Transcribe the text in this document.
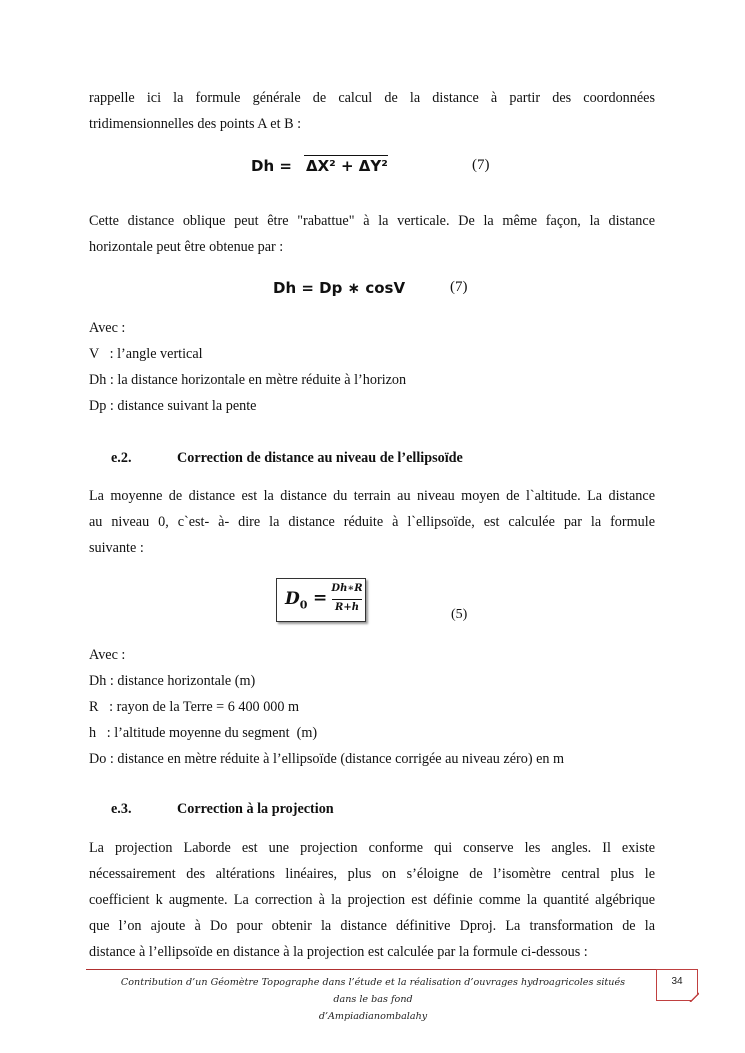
rappelle ici la formule générale de calcul de la distance à partir des coordonnées
tridimensionnelles des points A et B :
Dh = ΔX² + ΔY²	(7)
Cette distance oblique peut être "rabattue" à la verticale. De la même façon, la distance
horizontale peut être obtenue par :
Dh = Dp ∗ cosV	(7)
Avec :
V   : l’angle vertical
Dh : la distance horizontale en mètre réduite à l’horizon
Dp : distance suivant la pente
e.2.	Correction de distance au niveau de l’ellipsoïde
La moyenne de distance est la distance du terrain au niveau moyen de l`altitude. La distance
au niveau 0, c`est- à- dire la distance réduite à l`ellipsoïde, est calculée par la formule
suivante :
$D_0$ = Dh∗R
R+h	(5)
Avec :
Dh : distance horizontale (m)
R   : rayon de la Terre = 6 400 000 m
h   : l’altitude moyenne du segment  (m)
Do : distance en mètre réduite à l’ellipsoïde (distance corrigée au niveau zéro) en m
e.3.	Correction à la projection
La projection Laborde est une projection conforme qui conserve les angles. Il existe
nécessairement des altérations linéaires, plus on s’éloigne de l’isomètre central plus le
coefficient k augmente. La correction à la projection est définie comme la quantité algébrique
que l’on ajoute à Do pour obtenir la distance définitive Dproj. La transformation de la
distance à l’ellipsoïde en distance à la projection est calculée par la formule ci-dessous :
Contribution d’un Géomètre Topographe dans l’étude et la réalisation d’ouvrages hydroagricoles situés dans le bas fond
d’Ampiadianombalahy
34
